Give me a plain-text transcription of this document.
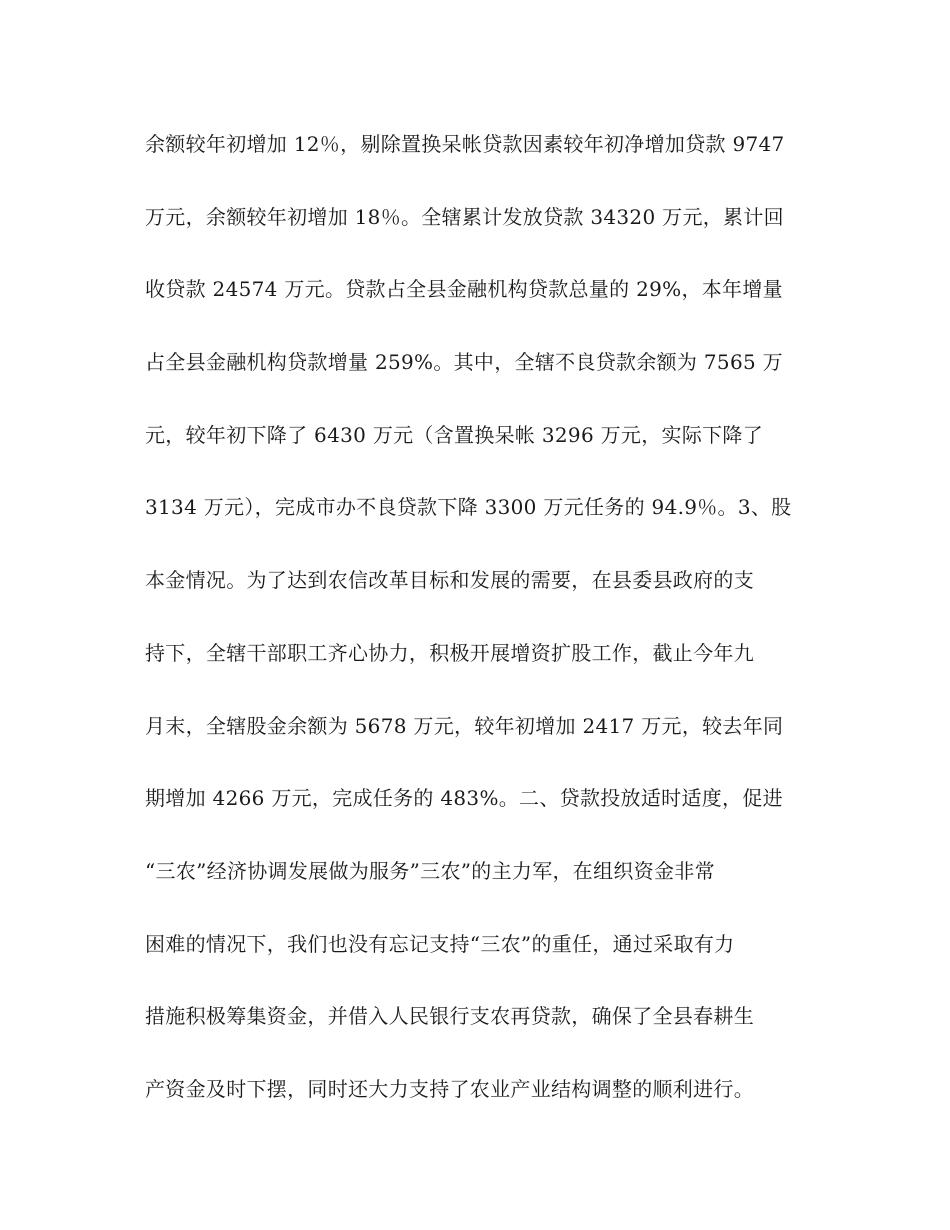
余额较年初增加 12％，剔除置换呆帐贷款因素较年初净增加贷款 9747
万元，余额较年初增加 18％。全辖累计发放贷款 34320 万元，累计回
收贷款 24574 万元。贷款占全县金融机构贷款总量的 29%，本年增量
占全县金融机构贷款增量 259%。其中，全辖不良贷款余额为 7565 万
元，较年初下降了 6430 万元（含置换呆帐 3296 万元，实际下降了
3134 万元），完成市办不良贷款下降 3300 万元任务的 94.9％。3、股
本金情况。为了达到农信改革目标和发展的需要，在县委县政府的支
持下，全辖干部职工齐心协力，积极开展增资扩股工作，截止今年九
月末，全辖股金余额为 5678 万元，较年初增加 2417 万元，较去年同
期增加 4266 万元，完成任务的 483%。二、贷款投放适时适度，促进
“三农”经济协调发展做为服务”三农”的主力军，在组织资金非常
困难的情况下，我们也没有忘记支持“三农”的重任，通过采取有力
措施积极筹集资金，并借入人民银行支农再贷款，确保了全县春耕生
产资金及时下摆，同时还大力支持了农业产业结构调整的顺利进行。
